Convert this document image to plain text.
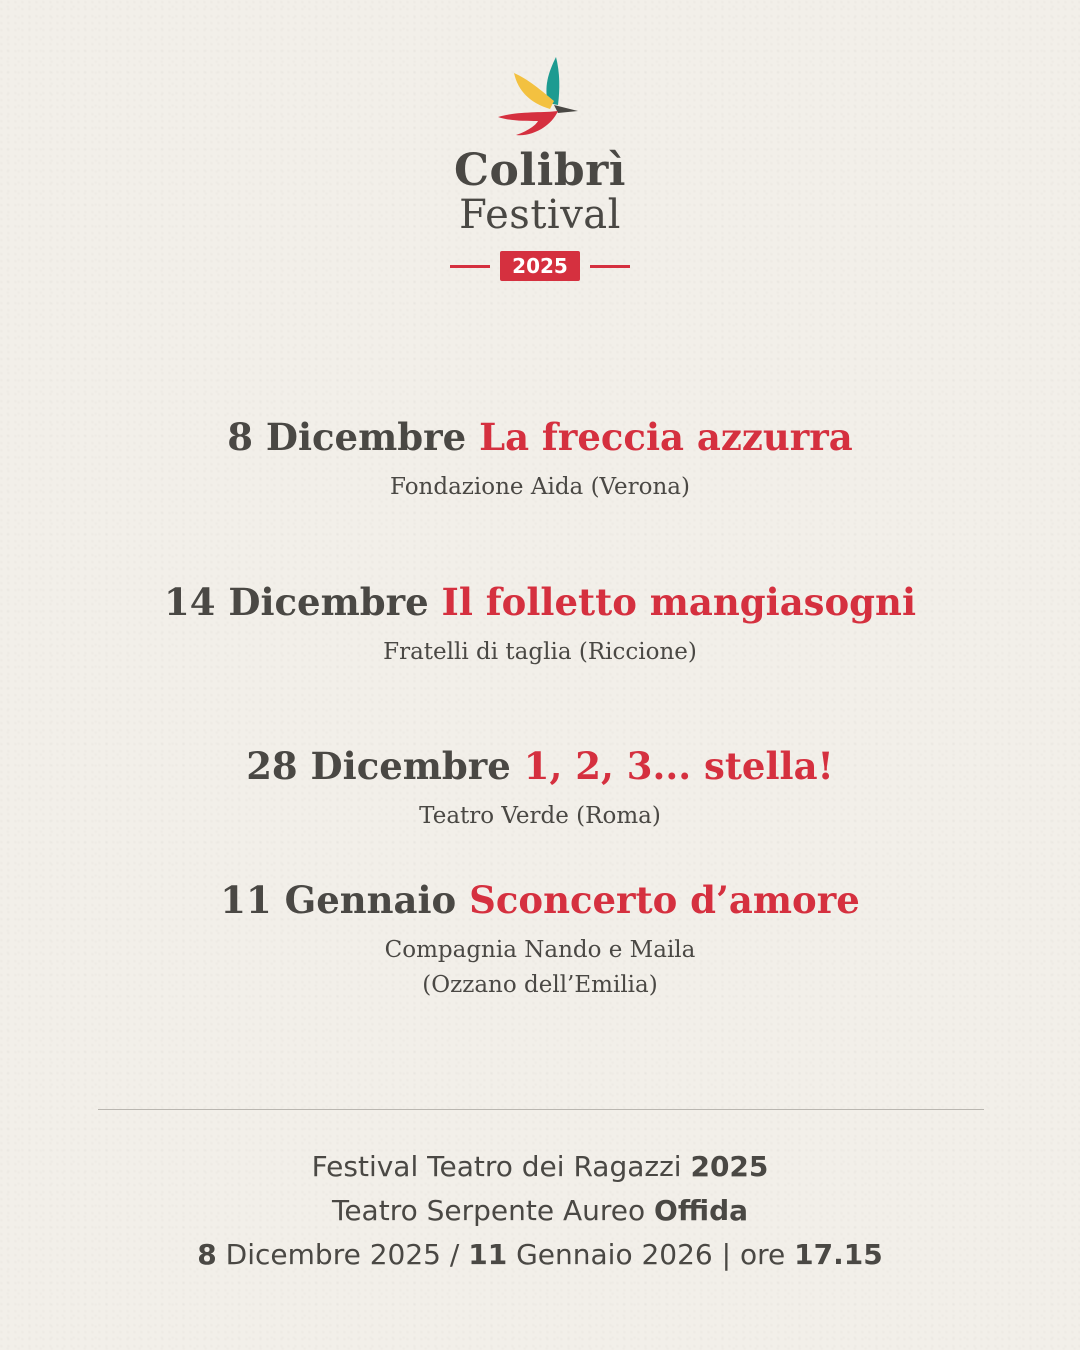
Colibrì
Festival
2025
8 Dicembre La freccia azzurra
Fondazione Aida (Verona)
14 Dicembre Il folletto mangiasogni
Fratelli di taglia (Riccione)
28 Dicembre 1, 2, 3... stella!
Teatro Verde (Roma)
11 Gennaio Sconcerto d’amore
Compagnia Nando e Maila
(Ozzano dell’Emilia)
Festival Teatro dei Ragazzi 2025
Teatro Serpente Aureo Offida
8 Dicembre 2025 / 11 Gennaio 2026 | ore 17.15
